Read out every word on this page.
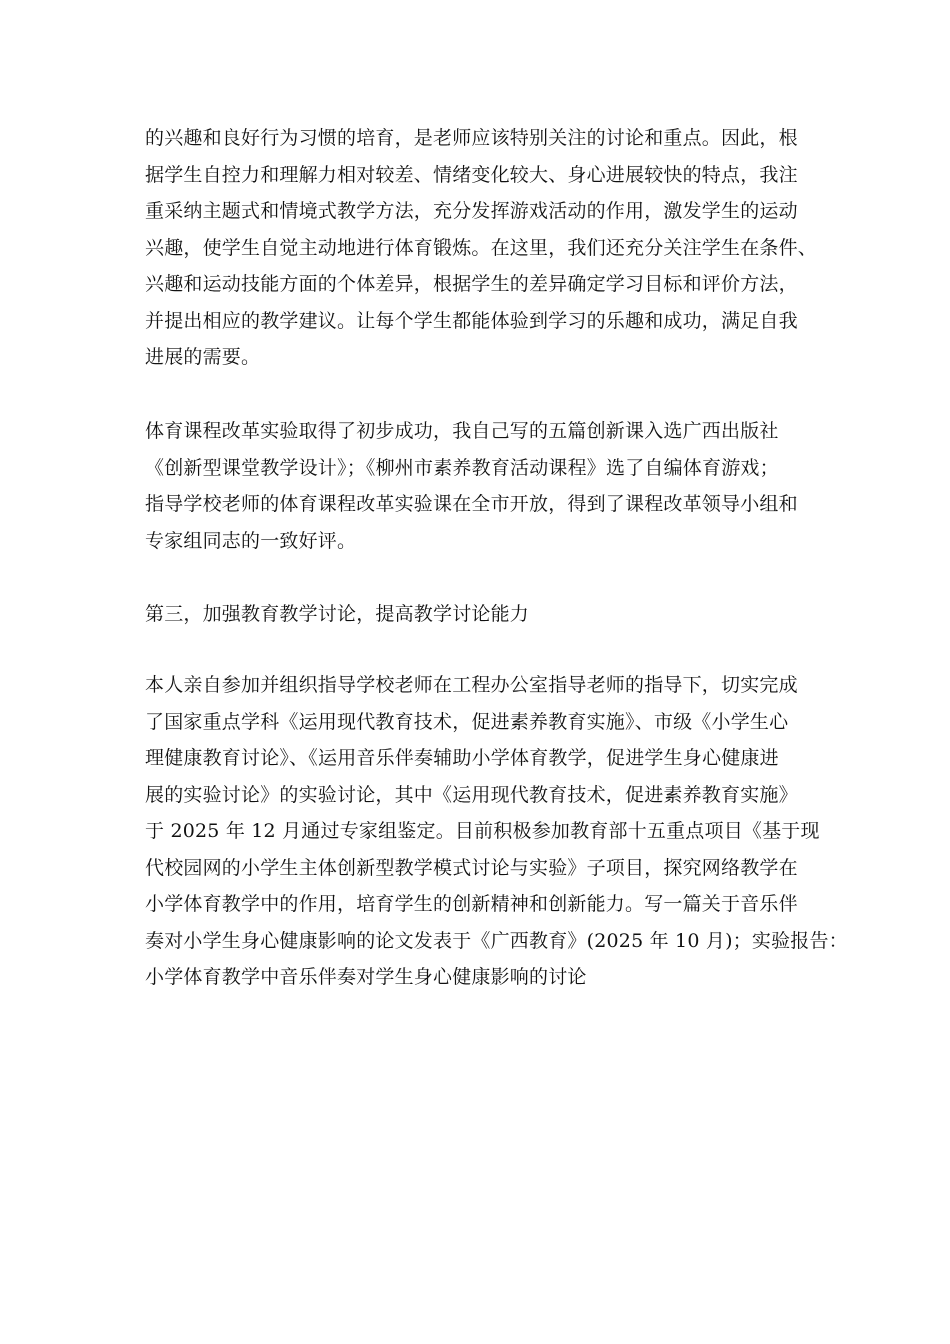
的兴趣和良好行为习惯的培育，是老师应该特别关注的讨论和重点。因此，根
据学生自控力和理解力相对较差、情绪变化较大、身心进展较快的特点，我注
重采纳主题式和情境式教学方法，充分发挥游戏活动的作用，激发学生的运动
兴趣，使学生自觉主动地进行体育锻炼。在这里，我们还充分关注学生在条件、
兴趣和运动技能方面的个体差异，根据学生的差异确定学习目标和评价方法，
并提出相应的教学建议。让每个学生都能体验到学习的乐趣和成功，满足自我
进展的需要。
体育课程改革实验取得了初步成功，我自己写的五篇创新课入选广西出版社
《创新型课堂教学设计》；《柳州市素养教育活动课程》选了自编体育游戏；
指导学校老师的体育课程改革实验课在全市开放，得到了课程改革领导小组和
专家组同志的一致好评。
第三，加强教育教学讨论，提高教学讨论能力
本人亲自参加并组织指导学校老师在工程办公室指导老师的指导下，切实完成
了国家重点学科《运用现代教育技术，促进素养教育实施》、市级《小学生心
理健康教育讨论》、《运用音乐伴奏辅助小学体育教学，促进学生身心健康进
展的实验讨论》的实验讨论，其中《运用现代教育技术，促进素养教育实施》
于 2025 年 12 月通过专家组鉴定。目前积极参加教育部十五重点项目《基于现
代校园网的小学生主体创新型教学模式讨论与实验》子项目，探究网络教学在
小学体育教学中的作用，培育学生的创新精神和创新能力。写一篇关于音乐伴
奏对小学生身心健康影响的论文发表于《广西教育》(2025 年 10 月)；实验报告：
小学体育教学中音乐伴奏对学生身心健康影响的讨论
